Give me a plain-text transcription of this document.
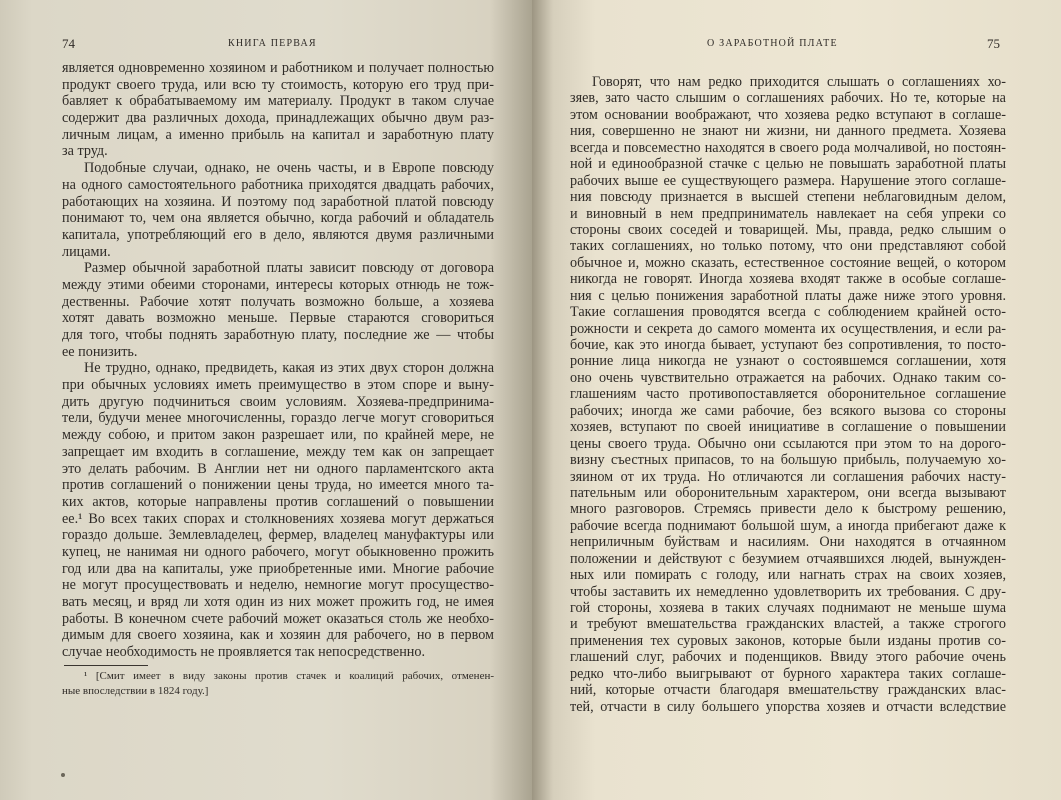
74	КНИГА ПЕРВАЯ
является одновременно хозяином и работником и получает полностью
продукт своего труда, или всю ту стоимость, которую его труд при-
бавляет к обрабатываемому им материалу. Продукт в таком случае
содержит два различных дохода, принадлежащих обычно двум раз-
личным лицам, а именно прибыль на капитал и заработную плату
за труд.
Подобные случаи, однако, не очень часты, и в Европе повсюду
на одного самостоятельного работника приходятся двадцать рабочих,
работающих на хозяина. И поэтому под заработной платой повсюду
понимают то, чем она является обычно, когда рабочий и обладатель
капитала, употребляющий его в дело, являются двумя различными
лицами.
Размер обычной заработной платы зависит повсюду от договора
между этими обеими сторонами, интересы которых отнюдь не тож-
дественны. Рабочие хотят получать возможно больше, а хозяева
хотят давать возможно меньше. Первые стараются сговориться
для того, чтобы поднять заработную плату, последние же — чтобы
ее понизить.
Не трудно, однако, предвидеть, какая из этих двух сторон должна
при обычных условиях иметь преимущество в этом споре и выну-
дить другую подчиниться своим условиям. Хозяева-предпринима-
тели, будучи менее многочисленны, гораздо легче могут сговориться
между собою, и притом закон разрешает или, по крайней мере, не
запрещает им входить в соглашение, между тем как он запрещает
это делать рабочим. В Англии нет ни одного парламентского акта
против соглашений о понижении цены труда, но имеется много та-
ких актов, которые направлены против соглашений о повышении
ее.¹ Во всех таких спорах и столкновениях хозяева могут держаться
гораздо дольше. Землевладелец, фермер, владелец мануфактуры или
купец, не нанимая ни одного рабочего, могут обыкновенно прожить
год или два на капиталы, уже приобретенные ими. Многие рабочие
не могут просуществовать и неделю, немногие могут просущество-
вать месяц, и вряд ли хотя один из них может прожить год, не имея
работы. В конечном счете рабочий может оказаться столь же необхо-
димым для своего хозяина, как и хозяин для рабочего, но в первом
случае необходимость не проявляется так непосредственно.
¹ [Смит имеет в виду законы против стачек и коалиций рабочих, отменен-
ные впоследствии в 1824 году.]
О ЗАРАБОТНОЙ ПЛАТЕ	75
Говорят, что нам редко приходится слышать о соглашениях хо-
зяев, зато часто слышим о соглашениях рабочих. Но те, которые на
этом основании воображают, что хозяева редко вступают в соглаше-
ния, совершенно не знают ни жизни, ни данного предмета. Хозяева
всегда и повсеместно находятся в своего рода молчаливой, но постоян-
ной и единообразной стачке с целью не повышать заработной платы
рабочих выше ее существующего размера. Нарушение этого соглаше-
ния повсюду признается в высшей степени неблаговидным делом,
и виновный в нем предприниматель навлекает на себя упреки со
стороны своих соседей и товарищей. Мы, правда, редко слышим о
таких соглашениях, но только потому, что они представляют собой
обычное и, можно сказать, естественное состояние вещей, о котором
никогда не говорят. Иногда хозяева входят также в особые соглаше-
ния с целью понижения заработной платы даже ниже этого уровня.
Такие соглашения проводятся всегда с соблюдением крайней осто-
рожности и секрета до самого момента их осуществления, и если ра-
бочие, как это иногда бывает, уступают без сопротивления, то посто-
ронние лица никогда не узнают о состоявшемся соглашении, хотя
оно очень чувствительно отражается на рабочих. Однако таким со-
глашениям часто противопоставляется оборонительное соглашение
рабочих; иногда же сами рабочие, без всякого вызова со стороны
хозяев, вступают по своей инициативе в соглашение о повышении
цены своего труда. Обычно они ссылаются при этом то на дорого-
визну съестных припасов, то на большую прибыль, получаемую хо-
зяином от их труда. Но отличаются ли соглашения рабочих насту-
пательным или оборонительным характером, они всегда вызывают
много разговоров. Стремясь привести дело к быстрому решению,
рабочие всегда поднимают большой шум, а иногда прибегают даже к
неприличным буйствам и насилиям. Они находятся в отчаянном
положении и действуют с безумием отчаявшихся людей, вынужден-
ных или помирать с голоду, или нагнать страх на своих хозяев,
чтобы заставить их немедленно удовлетворить их требования. С дру-
гой стороны, хозяева в таких случаях поднимают не меньше шума
и требуют вмешательства гражданских властей, а также строгого
применения тех суровых законов, которые были изданы против со-
глашений слуг, рабочих и поденщиков. Ввиду этого рабочие очень
редко что-либо выигрывают от бурного характера таких соглаше-
ний, которые отчасти благодаря вмешательству гражданских влас-
тей, отчасти в силу большего упорства хозяев и отчасти вследствие
